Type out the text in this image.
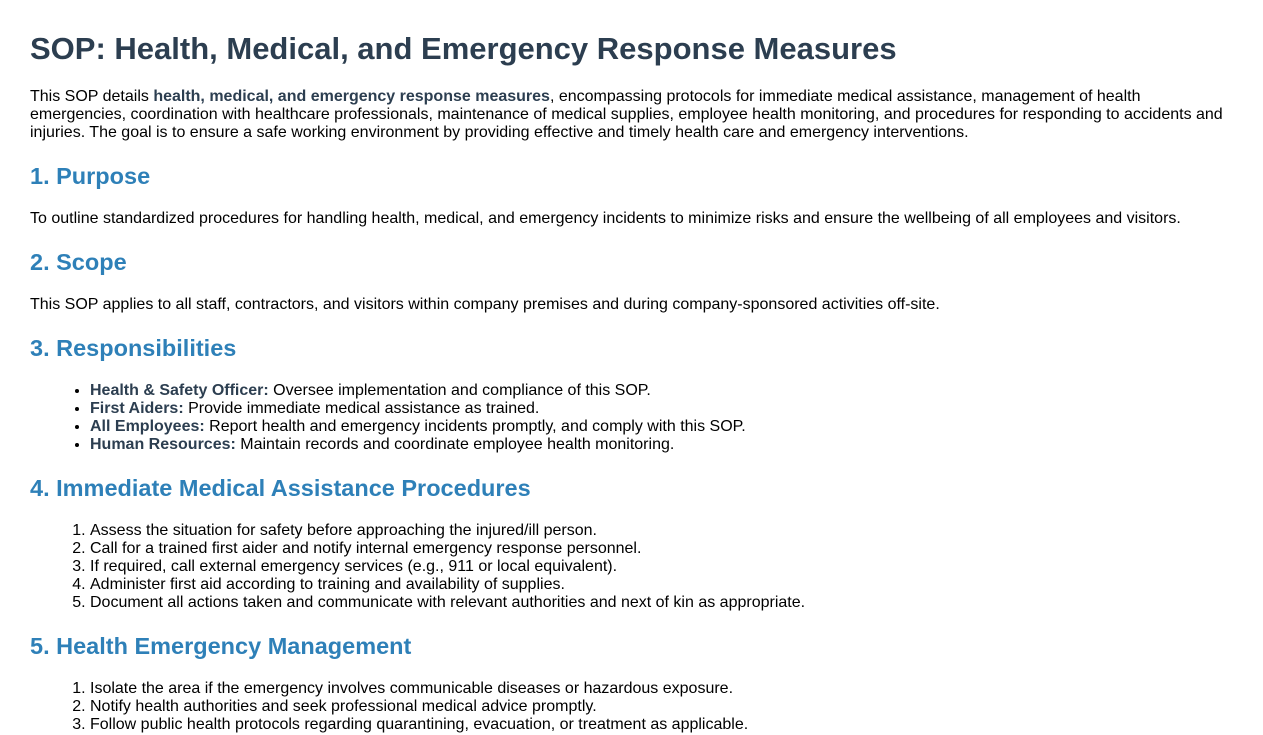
SOP: Health, Medical, and Emergency Response Measures

This SOP details health, medical, and emergency response measures, encompassing protocols for immediate medical assistance, management of health emergencies, coordination with healthcare professionals, maintenance of medical supplies, employee health monitoring, and procedures for responding to accidents and injuries. The goal is to ensure a safe working environment by providing effective and timely health care and emergency interventions.

1. Purpose

To outline standardized procedures for handling health, medical, and emergency incidents to minimize risks and ensure the wellbeing of all employees and visitors.

2. Scope

This SOP applies to all staff, contractors, and visitors within company premises and during company-sponsored activities off-site.

3. Responsibilities
• Health & Safety Officer: Oversee implementation and compliance of this SOP.
• First Aiders: Provide immediate medical assistance as trained.
• All Employees: Report health and emergency incidents promptly, and comply with this SOP.
• Human Resources: Maintain records and coordinate employee health monitoring.
4. Immediate Medical Assistance Procedures
1. Assess the situation for safety before approaching the injured/ill person.
2. Call for a trained first aider and notify internal emergency response personnel.
3. If required, call external emergency services (e.g., 911 or local equivalent).
4. Administer first aid according to training and availability of supplies.
5. Document all actions taken and communicate with relevant authorities and next of kin as appropriate.
5. Health Emergency Management
1. Isolate the area if the emergency involves communicable diseases or hazardous exposure.
2. Notify health authorities and seek professional medical advice promptly.
3. Follow public health protocols regarding quarantining, evacuation, or treatment as applicable.
